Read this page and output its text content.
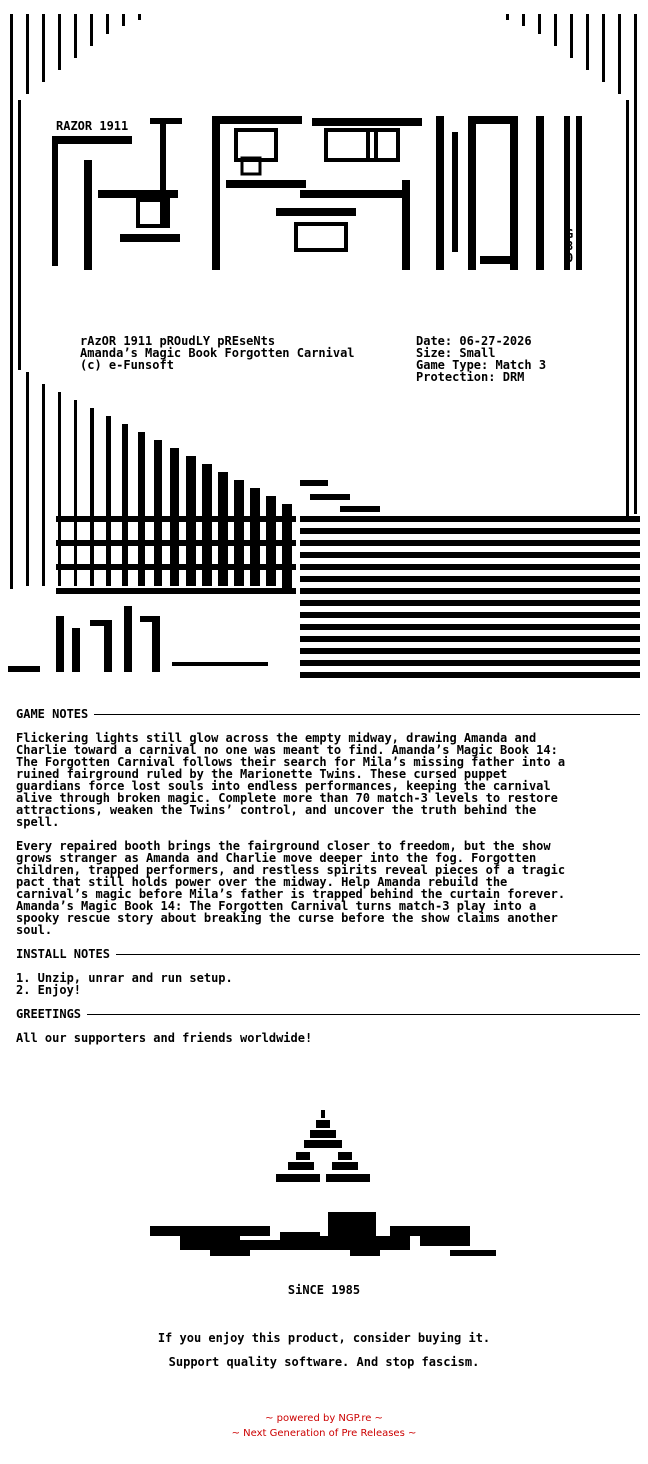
RAZOR 1911
G 8 0

rAzOR 1911 pROudLY pREseNts
Amanda’s Magic Book Forgotten Carnival
(c) e-Funsoft

Date: 06-27-2026
Size: Small
Game Type: Match 3
Protection: DRM
GAME NOTES
Flickering lights still glow across the empty midway, drawing Amanda and
Charlie toward a carnival no one was meant to find. Amanda’s Magic Book 14:
The Forgotten Carnival follows their search for Mila’s missing father into a
ruined fairground ruled by the Marionette Twins. These cursed puppet
guardians force lost souls into endless performances, keeping the carnival
alive through broken magic. Complete more than 70 match-3 levels to restore
attractions, weaken the Twins’ control, and uncover the truth behind the
spell.
Every repaired booth brings the fairground closer to freedom, but the show
grows stranger as Amanda and Charlie move deeper into the fog. Forgotten
children, trapped performers, and restless spirits reveal pieces of a tragic
pact that still holds power over the midway. Help Amanda rebuild the
carnival’s magic before Mila’s father is trapped behind the curtain forever.
Amanda’s Magic Book 14: The Forgotten Carnival turns match-3 play into a
spooky rescue story about breaking the curse before the show claims another
soul.
INSTALL NOTES
1. Unzip, unrar and run setup.
2. Enjoy!
GREETINGS
All our supporters and friends worldwide!
SiNCE 1985
If you enjoy this product, consider buying it.
Support quality software. And stop fascism.
~ powered by NGP.re ~
~ Next Generation of Pre Releases ~
